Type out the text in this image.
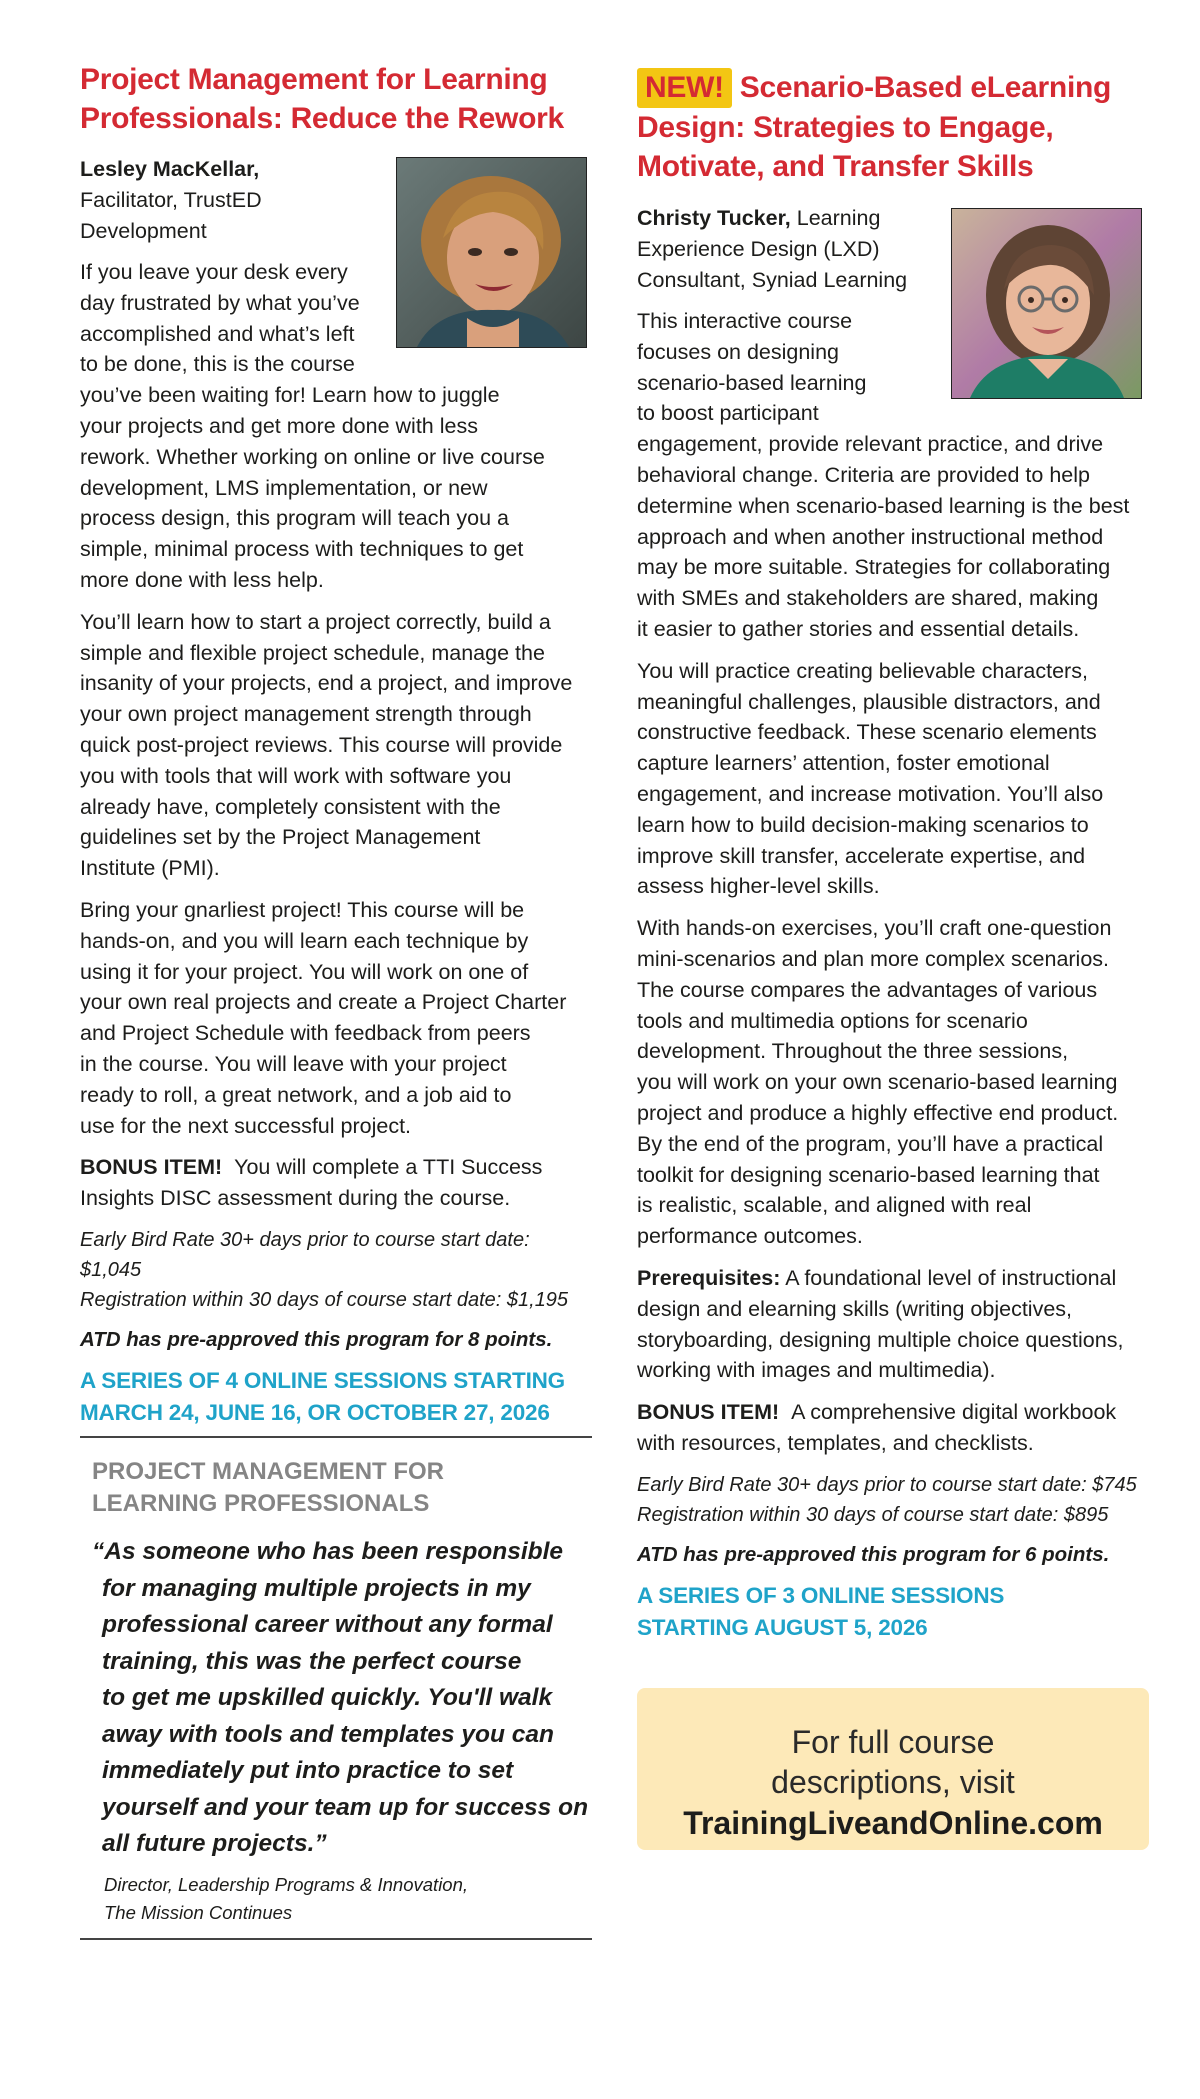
Project Management for Learning

Professionals: Reduce the Rework

Lesley MacKellar,

Facilitator, TrustED

Development

If you leave your desk every

day frustrated by what you’ve

accomplished and what’s left

to be done, this is the course

you’ve been waiting for! Learn how to juggle

your projects and get more done with less

rework. Whether working on online or live course

development, LMS implementation, or new

process design, this program will teach you a

simple, minimal process with techniques to get

more done with less help.

You’ll learn how to start a project correctly, build a

simple and flexible project schedule, manage the

insanity of your projects, end a project, and improve

your own project management strength through

quick post-project reviews. This course will provide

you with tools that will work with software you

already have, completely consistent with the

guidelines set by the Project Management

Institute (PMI).

Bring your gnarliest project! This course will be

hands-on, and you will learn each technique by

using it for your project. You will work on one of

your own real projects and create a Project Charter

and Project Schedule with feedback from peers

in the course. You will leave with your project

ready to roll, a great network, and a job aid to

use for the next successful project.

BONUS ITEM! You will complete a TTI Success

Insights DISC assessment during the course.

Early Bird Rate 30+ days prior to course start date: $1,045

Registration within 30 days of course start date: $1,195

ATD has pre-approved this program for 8 points.

A SERIES OF 4 ONLINE SESSIONS STARTING

MARCH 24, JUNE 16, OR OCTOBER 27, 2026

PROJECT MANAGEMENT FOR

LEARNING PROFESSIONALS

“As someone who has been responsible

for managing multiple projects in my

professional career without any formal

training, this was the perfect course

to get me upskilled quickly. You'll walk

away with tools and templates you can

immediately put into practice to set

yourself and your team up for success on

all future projects.”

Director, Leadership Programs & Innovation,

The Mission Continues

NEW! Scenario-Based eLearning

Design: Strategies to Engage,

Motivate, and Transfer Skills

Christy Tucker, Learning

Experience Design (LXD)

Consultant, Syniad Learning

This interactive course

focuses on designing

scenario-based learning

to boost participant

engagement, provide relevant practice, and drive

behavioral change. Criteria are provided to help

determine when scenario-based learning is the best

approach and when another instructional method

may be more suitable. Strategies for collaborating

with SMEs and stakeholders are shared, making

it easier to gather stories and essential details.

You will practice creating believable characters,

meaningful challenges, plausible distractors, and

constructive feedback. These scenario elements

capture learners’ attention, foster emotional

engagement, and increase motivation. You’ll also

learn how to build decision-making scenarios to

improve skill transfer, accelerate expertise, and

assess higher-level skills.

With hands-on exercises, you’ll craft one-question

mini-scenarios and plan more complex scenarios.

The course compares the advantages of various

tools and multimedia options for scenario

development. Throughout the three sessions,

you will work on your own scenario-based learning

project and produce a highly effective end product.

By the end of the program, you’ll have a practical

toolkit for designing scenario-based learning that

is realistic, scalable, and aligned with real

performance outcomes.

Prerequisites: A foundational level of instructional

design and elearning skills (writing objectives,

storyboarding, designing multiple choice questions,

working with images and multimedia).

BONUS ITEM! A comprehensive digital workbook

with resources, templates, and checklists.

Early Bird Rate 30+ days prior to course start date: $745

Registration within 30 days of course start date: $895

ATD has pre-approved this program for 6 points.

A SERIES OF 3 ONLINE SESSIONS

STARTING AUGUST 5, 2026

For full course

descriptions, visit

TrainingLiveandOnline.com
